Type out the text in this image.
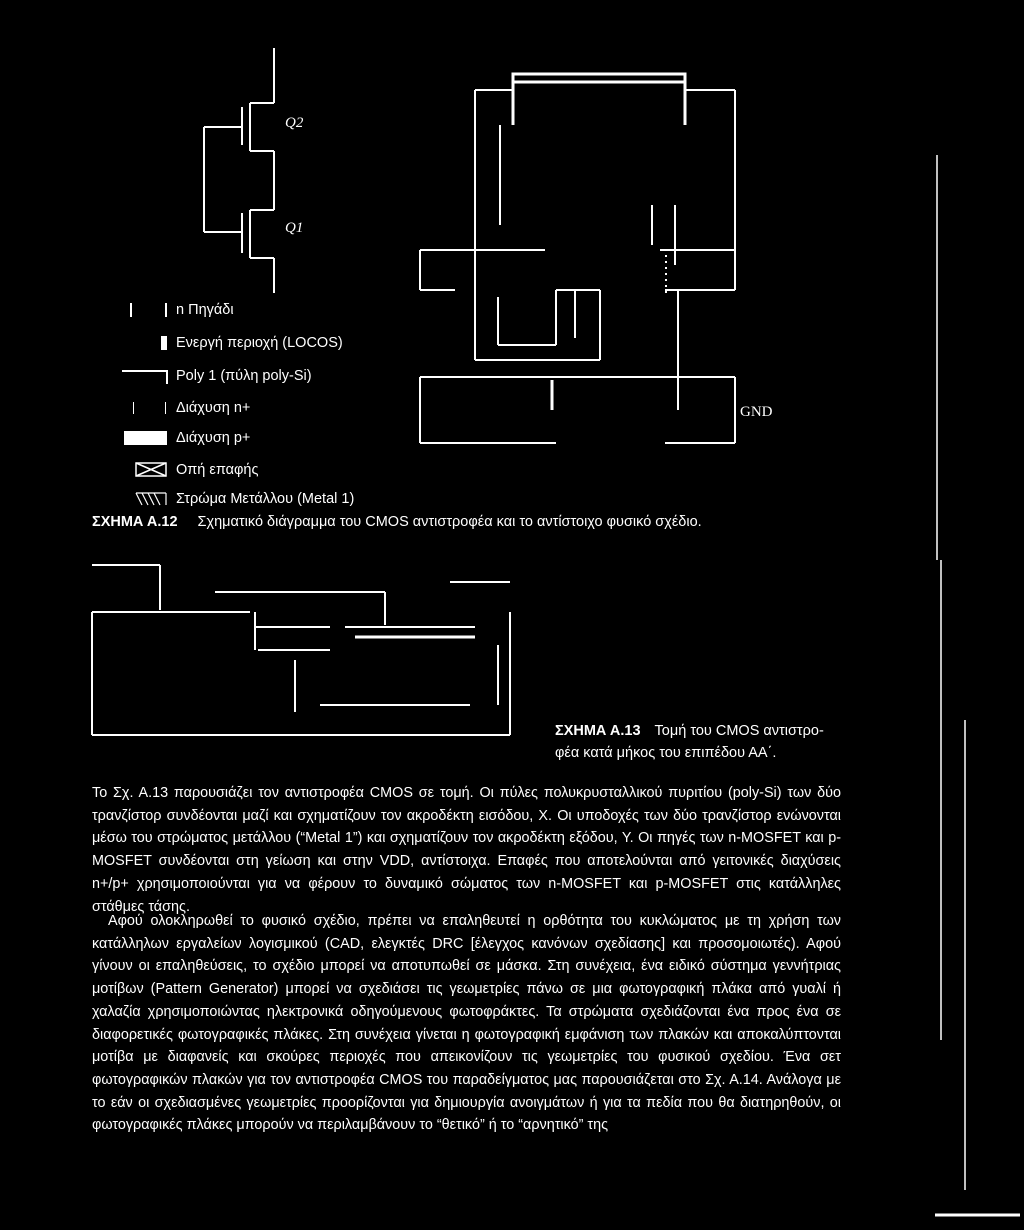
Q2
Q1
GND
n Πηγάδι
Ενεργή περιοχή (LOCOS)
Poly 1 (πύλη poly-Si)
Διάχυση n+
Διάχυση p+
Οπή επαφής
Στρώμα Μετάλλου (Metal 1)
ΣΧΗΜΑ Α.12 Σχηματικό διάγραμμα του CMOS αντιστροφέα και το αντίστοιχο φυσικό σχέδιο.
ΣΧΗΜΑ Α.13 Τομή του CMOS αντιστρο-
φέα κατά μήκος του επιπέδου ΑΑ΄.
Το Σχ. Α.13 παρουσιάζει τον αντιστροφέα CMOS σε τομή. Οι πύλες πολυκρυσταλλικού πυριτίου (poly-Si) των δύο τρανζίστορ συνδέονται μαζί και σχηματίζουν τον ακροδέκτη εισόδου, Χ. Οι υποδοχές των δύο τρανζίστορ ενώνονται μέσω του στρώματος μετάλλου (“Metal 1”) και σχηματίζουν τον ακροδέκτη εξόδου, Υ. Οι πηγές των n-MOSFET και p-MOSFET συνδέονται στη γείωση και στην VDD, αντίστοιχα. Επαφές που αποτελούνται από γειτονικές διαχύσεις n+/p+ χρησιμοποιούνται για να φέρουν το δυναμικό σώματος των n-MOSFET και p-MOSFET στις κατάλληλες στάθμες τάσης.
Αφού ολοκληρωθεί το φυσικό σχέδιο, πρέπει να επαληθευτεί η ορθότητα του κυκλώματος με τη χρήση των κατάλληλων εργαλείων λογισμικού (CAD, ελεγκτές DRC [έλεγχος κανόνων σχεδίασης] και προσομοιωτές). Αφού γίνουν οι επαληθεύσεις, το σχέδιο μπορεί να αποτυπωθεί σε μάσκα. Στη συνέχεια, ένα ειδικό σύστημα γεννήτριας μοτίβων (Pattern Generator) μπορεί να σχεδιάσει τις γεωμετρίες πάνω σε μια φωτογραφική πλάκα από γυαλί ή χαλαζία χρησιμοποιώντας ηλεκτρονικά οδηγούμενους φωτοφράκτες. Τα στρώματα σχεδιάζονται ένα προς ένα σε διαφορετικές φωτογραφικές πλάκες. Στη συνέχεια γίνεται η φωτογραφική εμφάνιση των πλακών και αποκαλύπτονται μοτίβα με διαφανείς και σκούρες περιοχές που απεικονίζουν τις γεωμετρίες του φυσικού σχεδίου. Ένα σετ φωτογραφικών πλακών για τον αντιστροφέα CMOS του παραδείγματος μας παρουσιάζεται στο Σχ. Α.14. Ανάλογα με το εάν οι σχεδιασμένες γεωμετρίες προορίζονται για δημιουργία ανοιγμάτων ή για τα πεδία που θα διατηρηθούν, οι φωτογραφικές πλάκες μπορούν να περιλαμβάνουν το “θετικό” ή το “αρνητικό” της
